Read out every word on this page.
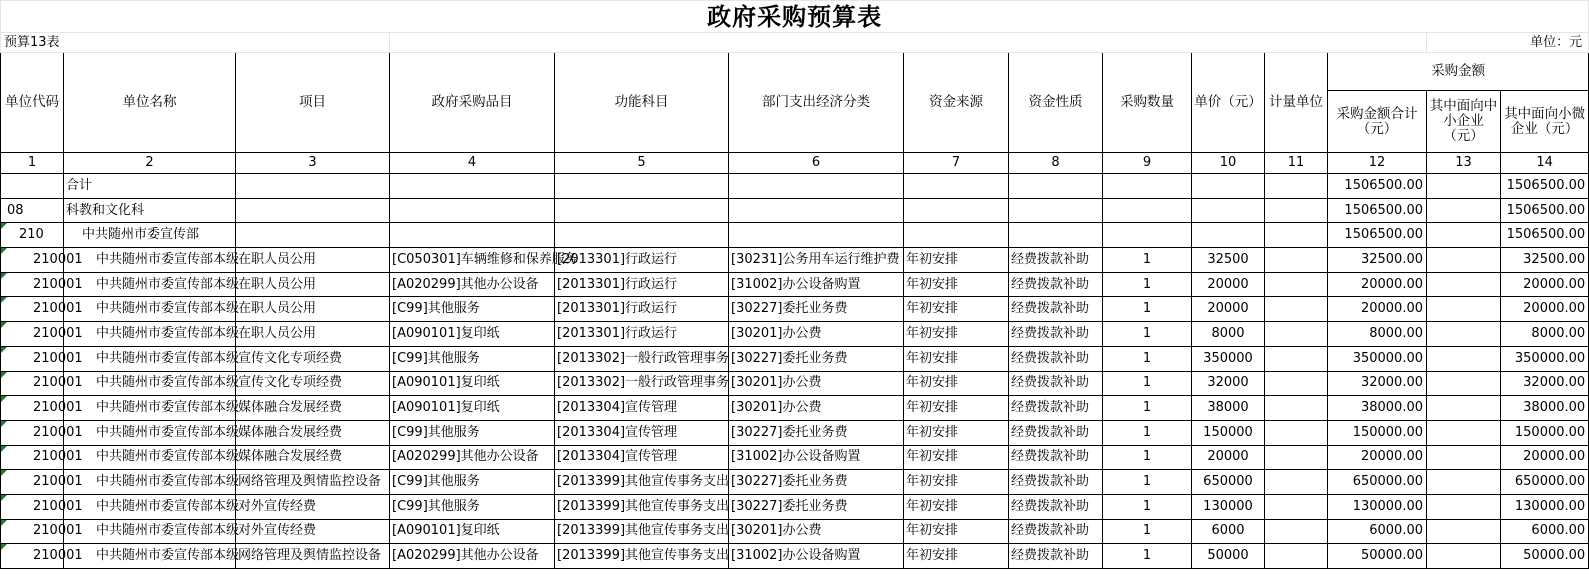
政府采购预算表													
预算13表												单位：元	
单位代码	单位名称	项目	政府采购品目	功能科目	部门支出经济分类	资金来源	资金性质	采购数量	单价（元）	计量单位	采购金额		
											采购金额合计（元）	其中面向中小企业（元）	其中面向小微企业（元）
1	2	3	4	5	6	7	8	9	10	11	12	13	14
	合计										1506500.00		1506500.00
08	科教和文化科										1506500.00		1506500.00

210	中共随州市委宣传部										1506500.00		1506500.00

210001	中共随州市委宣传部本级	在职人员公用	[C050301]车辆维修和保养服务	[2013301]行政运行	[30231]公务用车运行维护费	年初安排	经费拨款补助	1	32500		32500.00		32500.00

210001	中共随州市委宣传部本级	在职人员公用	[A020299]其他办公设备	[2013301]行政运行	[31002]办公设备购置	年初安排	经费拨款补助	1	20000		20000.00		20000.00

210001	中共随州市委宣传部本级	在职人员公用	[C99]其他服务	[2013301]行政运行	[30227]委托业务费	年初安排	经费拨款补助	1	20000		20000.00		20000.00

210001	中共随州市委宣传部本级	在职人员公用	[A090101]复印纸	[2013301]行政运行	[30201]办公费	年初安排	经费拨款补助	1	8000		8000.00		8000.00

210001	中共随州市委宣传部本级	宣传文化专项经费	[C99]其他服务	[2013302]一般行政管理事务	[30227]委托业务费	年初安排	经费拨款补助	1	350000		350000.00		350000.00

210001	中共随州市委宣传部本级	宣传文化专项经费	[A090101]复印纸	[2013302]一般行政管理事务	[30201]办公费	年初安排	经费拨款补助	1	32000		32000.00		32000.00

210001	中共随州市委宣传部本级	媒体融合发展经费	[A090101]复印纸	[2013304]宣传管理	[30201]办公费	年初安排	经费拨款补助	1	38000		38000.00		38000.00

210001	中共随州市委宣传部本级	媒体融合发展经费	[C99]其他服务	[2013304]宣传管理	[30227]委托业务费	年初安排	经费拨款补助	1	150000		150000.00		150000.00

210001	中共随州市委宣传部本级	媒体融合发展经费	[A020299]其他办公设备	[2013304]宣传管理	[31002]办公设备购置	年初安排	经费拨款补助	1	20000		20000.00		20000.00

210001	中共随州市委宣传部本级	网络管理及舆情监控设备	[C99]其他服务	[2013399]其他宣传事务支出	[30227]委托业务费	年初安排	经费拨款补助	1	650000		650000.00		650000.00

210001	中共随州市委宣传部本级	对外宣传经费	[C99]其他服务	[2013399]其他宣传事务支出	[30227]委托业务费	年初安排	经费拨款补助	1	130000		130000.00		130000.00

210001	中共随州市委宣传部本级	对外宣传经费	[A090101]复印纸	[2013399]其他宣传事务支出	[30201]办公费	年初安排	经费拨款补助	1	6000		6000.00		6000.00

210001	中共随州市委宣传部本级	网络管理及舆情监控设备	[A020299]其他办公设备	[2013399]其他宣传事务支出	[31002]办公设备购置	年初安排	经费拨款补助	1	50000		50000.00		50000.00
